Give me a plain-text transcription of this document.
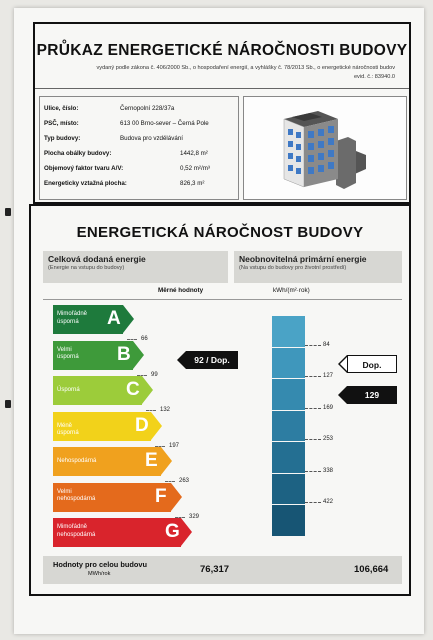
PRŮKAZ ENERGETICKÉ NÁROČNOSTI BUDOVY
vydaný podle zákona č. 406/2000 Sb., o hospodaření energií, a vyhlášky č. 78/2013 Sb., o energetické náročnosti budov
evid. č.: 83940.0
Ulice, číslo:	Černopolní 228/37a
PSČ, místo:	613 00 Brno-sever – Černá Pole
Typ budovy:	Budova pro vzdělávání
Plocha obálky budovy:	1442,8 m²
Objemový faktor tvaru A/V:	0,52 m²/m³
Energeticky vztažná plocha:	826,3 m²
ENERGETICKÁ NÁROČNOST BUDOVY
Celková dodaná energie
(Energie na vstupu do budovy)
Neobnovitelná primární energie
(Na vstupu do budovy pro životní prostředí)
Měrné hodnoty	kWh/(m²·rok)
Mimořádně
úsporná	A
66
Velmi
úsporná B
99
Úsporná C
132
Méně úsporná	D
197
Nehospodárná	E
263
Velmi
nehospodárná	F
329
Mimořádně
nehospodárná	G
84
127
169
253
338
422
92 / Dop.	Dop.
129
Hodnoty pro celou budovu
MWh/rok	76,317	106,664
